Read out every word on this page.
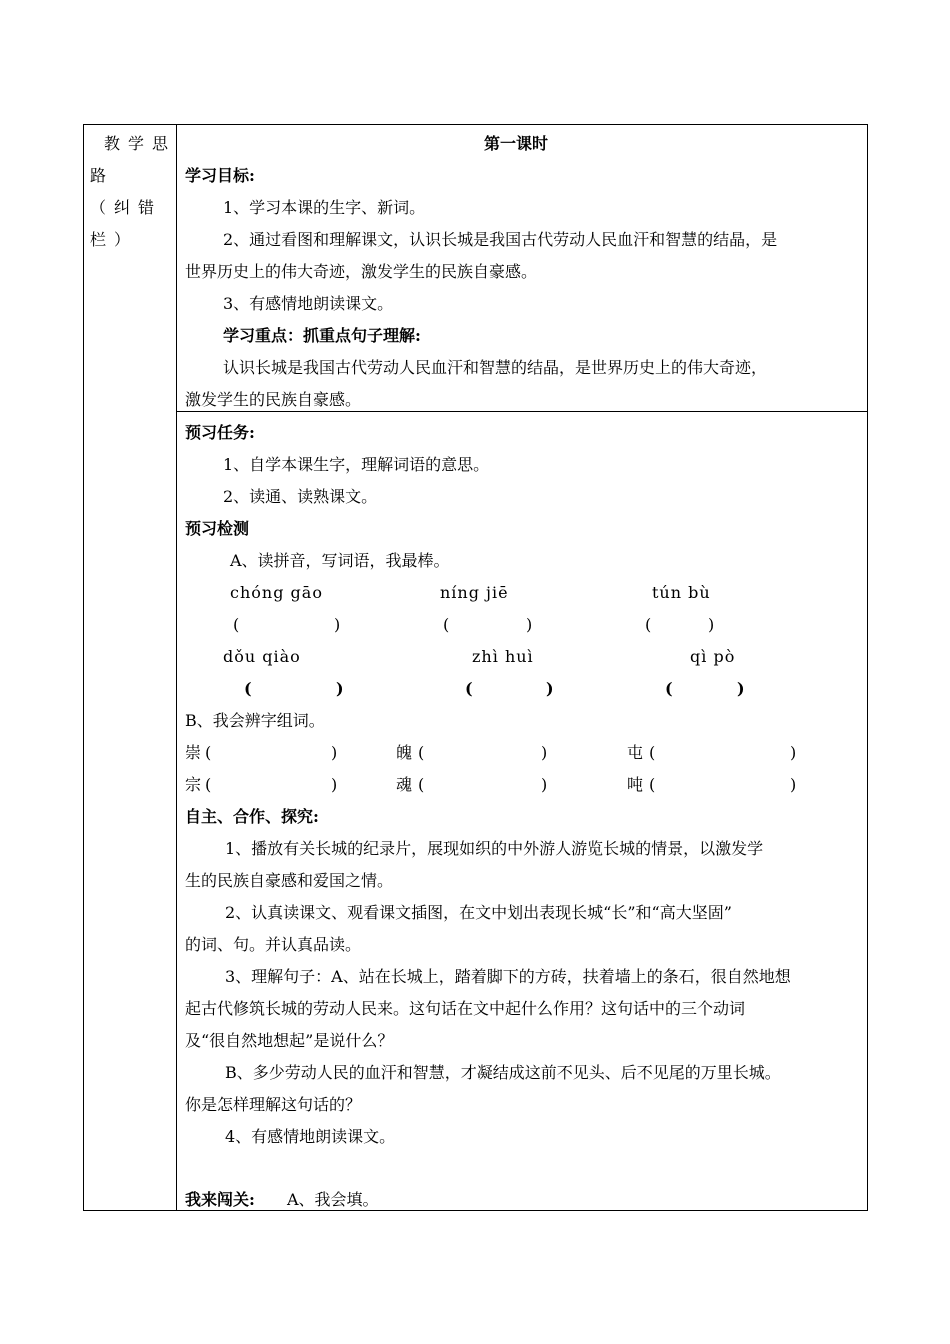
教学思
路
（纠错
栏）
第一课时
学习目标:
1、学习本课的生字、新词。
2、通过看图和理解课文，认识长城是我国古代劳动人民血汗和智慧的结晶，是
世界历史上的伟大奇迹，激发学生的民族自豪感。
3、有感情地朗读课文。
学习重点：抓重点句子理解:
认识长城是我国古代劳动人民血汗和智慧的结晶，是世界历史上的伟大奇迹，
激发学生的民族自豪感。
预习任务:
1、自学本课生字，理解词语的意思。
2、读通、读熟课文。
预习检测
A、读拼音，写词语，我最棒。
chóng gāo	níng jiē	tún bù
(	)	(	)	(	)
dǒu qiào	zhì huì	qì pò
(	)	(	)	(	)
B、我会辨字组词。
崇 (	)	魄 (	)	屯 (	)
宗 (	)	魂 (	)	吨 (	)
自主、合作、探究:
1、播放有关长城的纪录片，展现如织的中外游人游览长城的情景，以激发学
生的民族自豪感和爱国之情。
2、认真读课文、观看课文插图，在文中划出表现长城“长”和“高大坚固”
的词、句。并认真品读。
3、理解句子：A、站在长城上，踏着脚下的方砖，扶着墙上的条石，很自然地想
起古代修筑长城的劳动人民来。这句话在文中起什么作用？这句话中的三个动词
及“很自然地想起”是说什么？
B、多少劳动人民的血汗和智慧，才凝结成这前不见头、后不见尾的万里长城。
你是怎样理解这句话的？
4、有感情地朗读课文。
我来闯关: A、我会填。
